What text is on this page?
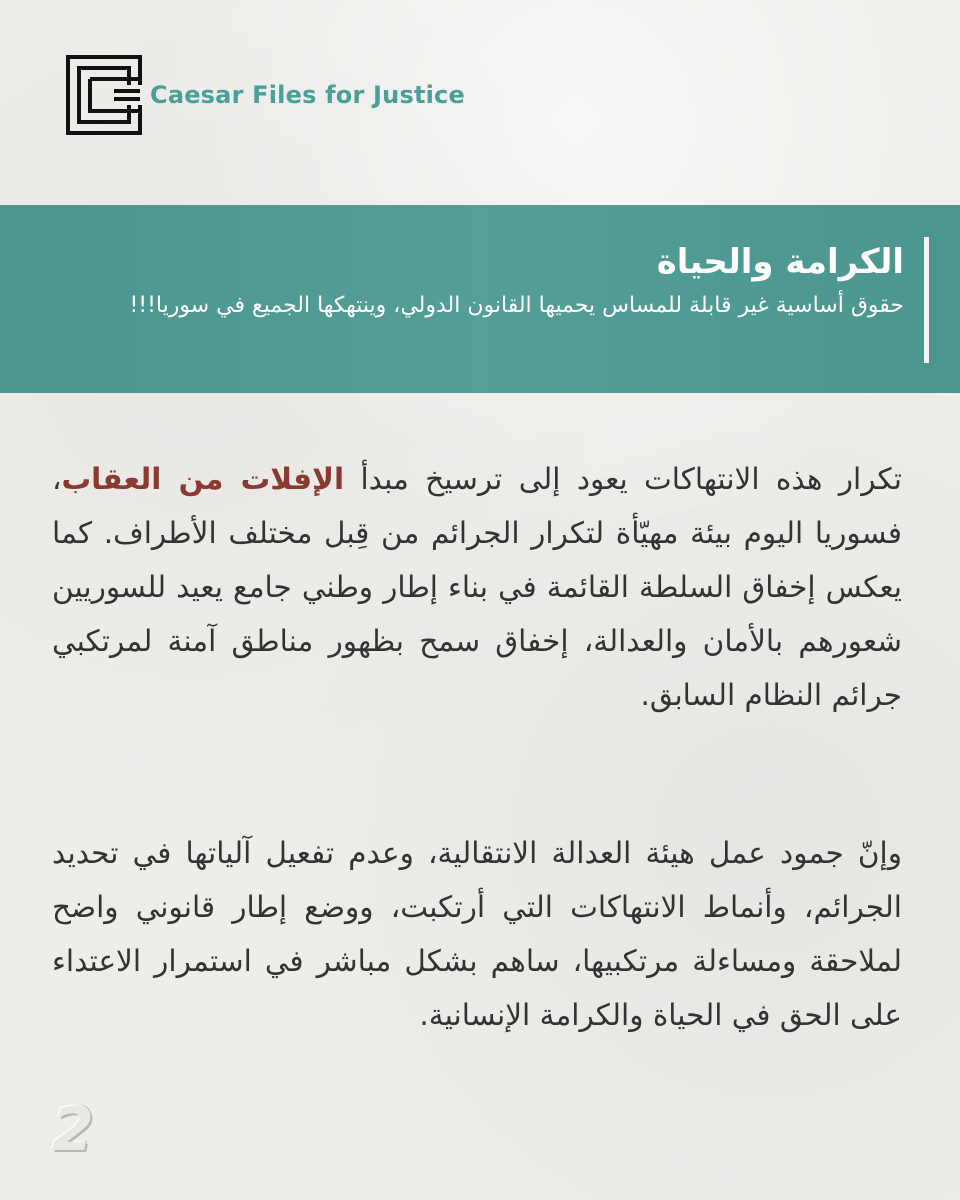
Caesar Files for Justice
الكرامة والحياة
حقوق أساسية غير قابلة للمساس يحميها القانون الدولي، وينتهكها الجميع في سوريا!!!
تكرار هذه الانتهاكات يعود إلى ترسيخ مبدأ الإفلات من العقاب، فسوريا اليوم بيئة مهيّأة لتكرار الجرائم من قِبل مختلف الأطراف. كما يعكس إخفاق السلطة القائمة في بناء إطار وطني جامع يعيد للسوريين شعورهم بالأمان والعدالة، إخفاق سمح بظهور مناطق آمنة لمرتكبي جرائم النظام السابق.
وإنّ جمود عمل هيئة العدالة الانتقالية، وعدم تفعيل آلياتها في تحديد الجرائم، وأنماط الانتهاكات التي أرتكبت، ووضع إطار قانوني واضح لملاحقة ومساءلة مرتكبيها، ساهم بشكل مباشر في استمرار الاعتداء على الحق في الحياة والكرامة الإنسانية.
2
